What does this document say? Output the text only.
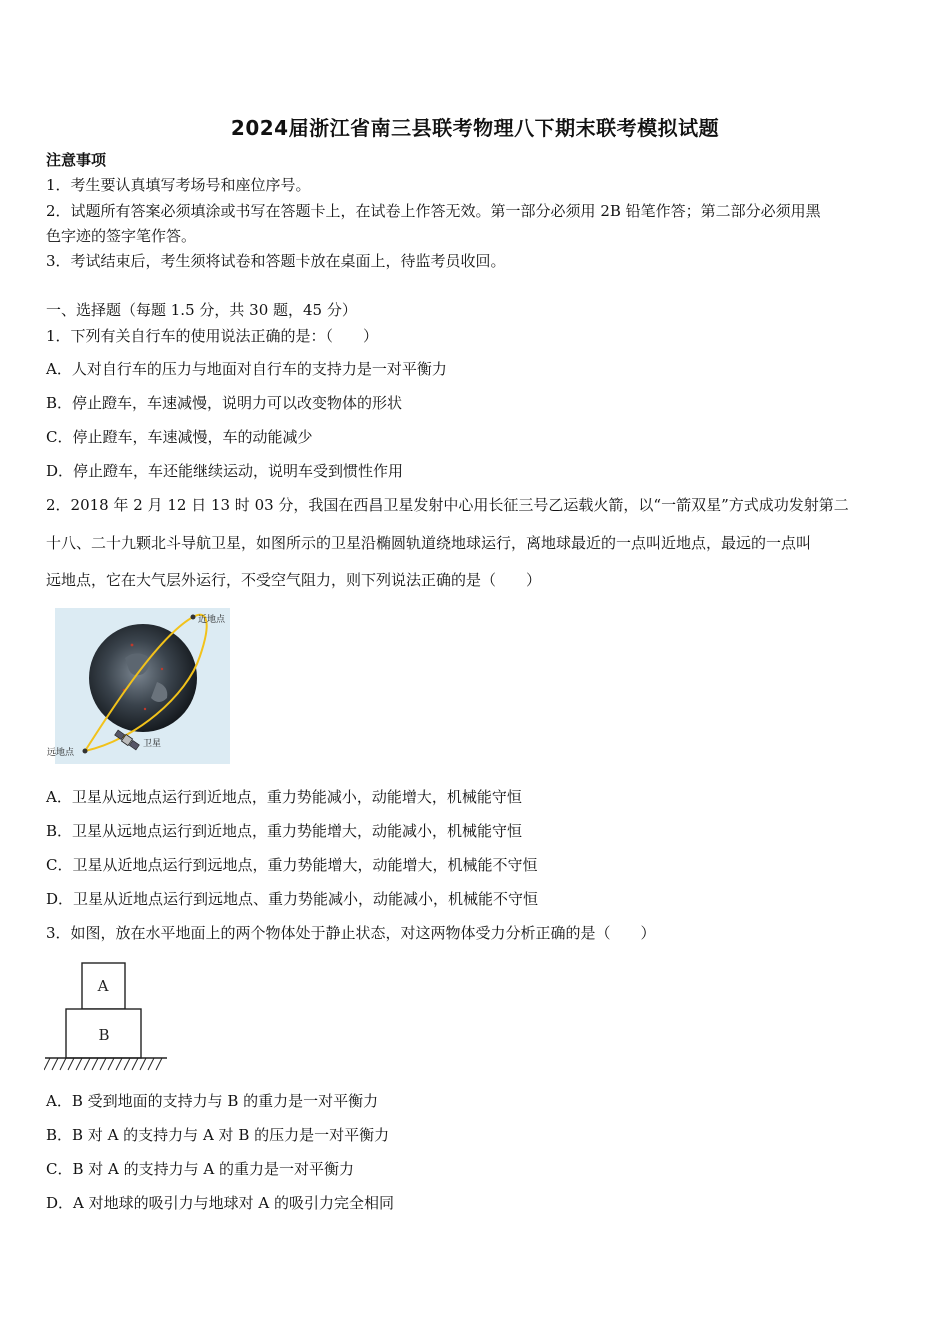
2024届浙江省南三县联考物理八下期末联考模拟试题
注意事项
1．考生要认真填写考场号和座位序号。
2．试题所有答案必须填涂或书写在答题卡上，在试卷上作答无效。第一部分必须用 2B 铅笔作答；第二部分必须用黑
色字迹的签字笔作答。
3．考试结束后，考生须将试卷和答题卡放在桌面上，待监考员收回。
一、选择题（每题 1.5 分，共 30 题，45 分）
1．下列有关自行车的使用说法正确的是：（　　）
A．人对自行车的压力与地面对自行车的支持力是一对平衡力
B．停止蹬车，车速减慢，说明力可以改变物体的形状
C．停止蹬车，车速减慢，车的动能减少
D．停止蹬车，车还能继续运动，说明车受到惯性作用
2．2018 年 2 月 12 日 13 时 03 分，我国在西昌卫星发射中心用长征三号乙运载火箭，以“一箭双星”方式成功发射第二
十八、二十九颗北斗导航卫星，如图所示的卫星沿椭圆轨道绕地球运行，离地球最近的一点叫近地点，最远的一点叫
远地点，它在大气层外运行，不受空气阻力，则下列说法正确的是（　　）
近地点
远地点
卫星
A．卫星从远地点运行到近地点，重力势能减小，动能增大，机械能守恒
B．卫星从远地点运行到近地点，重力势能增大，动能减小，机械能守恒
C．卫星从近地点运行到远地点，重力势能增大，动能增大，机械能不守恒
D．卫星从近地点运行到远地点、重力势能减小，动能减小，机械能不守恒
3．如图，放在水平地面上的两个物体处于静止状态，对这两物体受力分析正确的是（　　）
A
B
A．B 受到地面的支持力与 B 的重力是一对平衡力
B．B 对 A 的支持力与 A 对 B 的压力是一对平衡力
C．B 对 A 的支持力与 A 的重力是一对平衡力
D．A 对地球的吸引力与地球对 A 的吸引力完全相同
